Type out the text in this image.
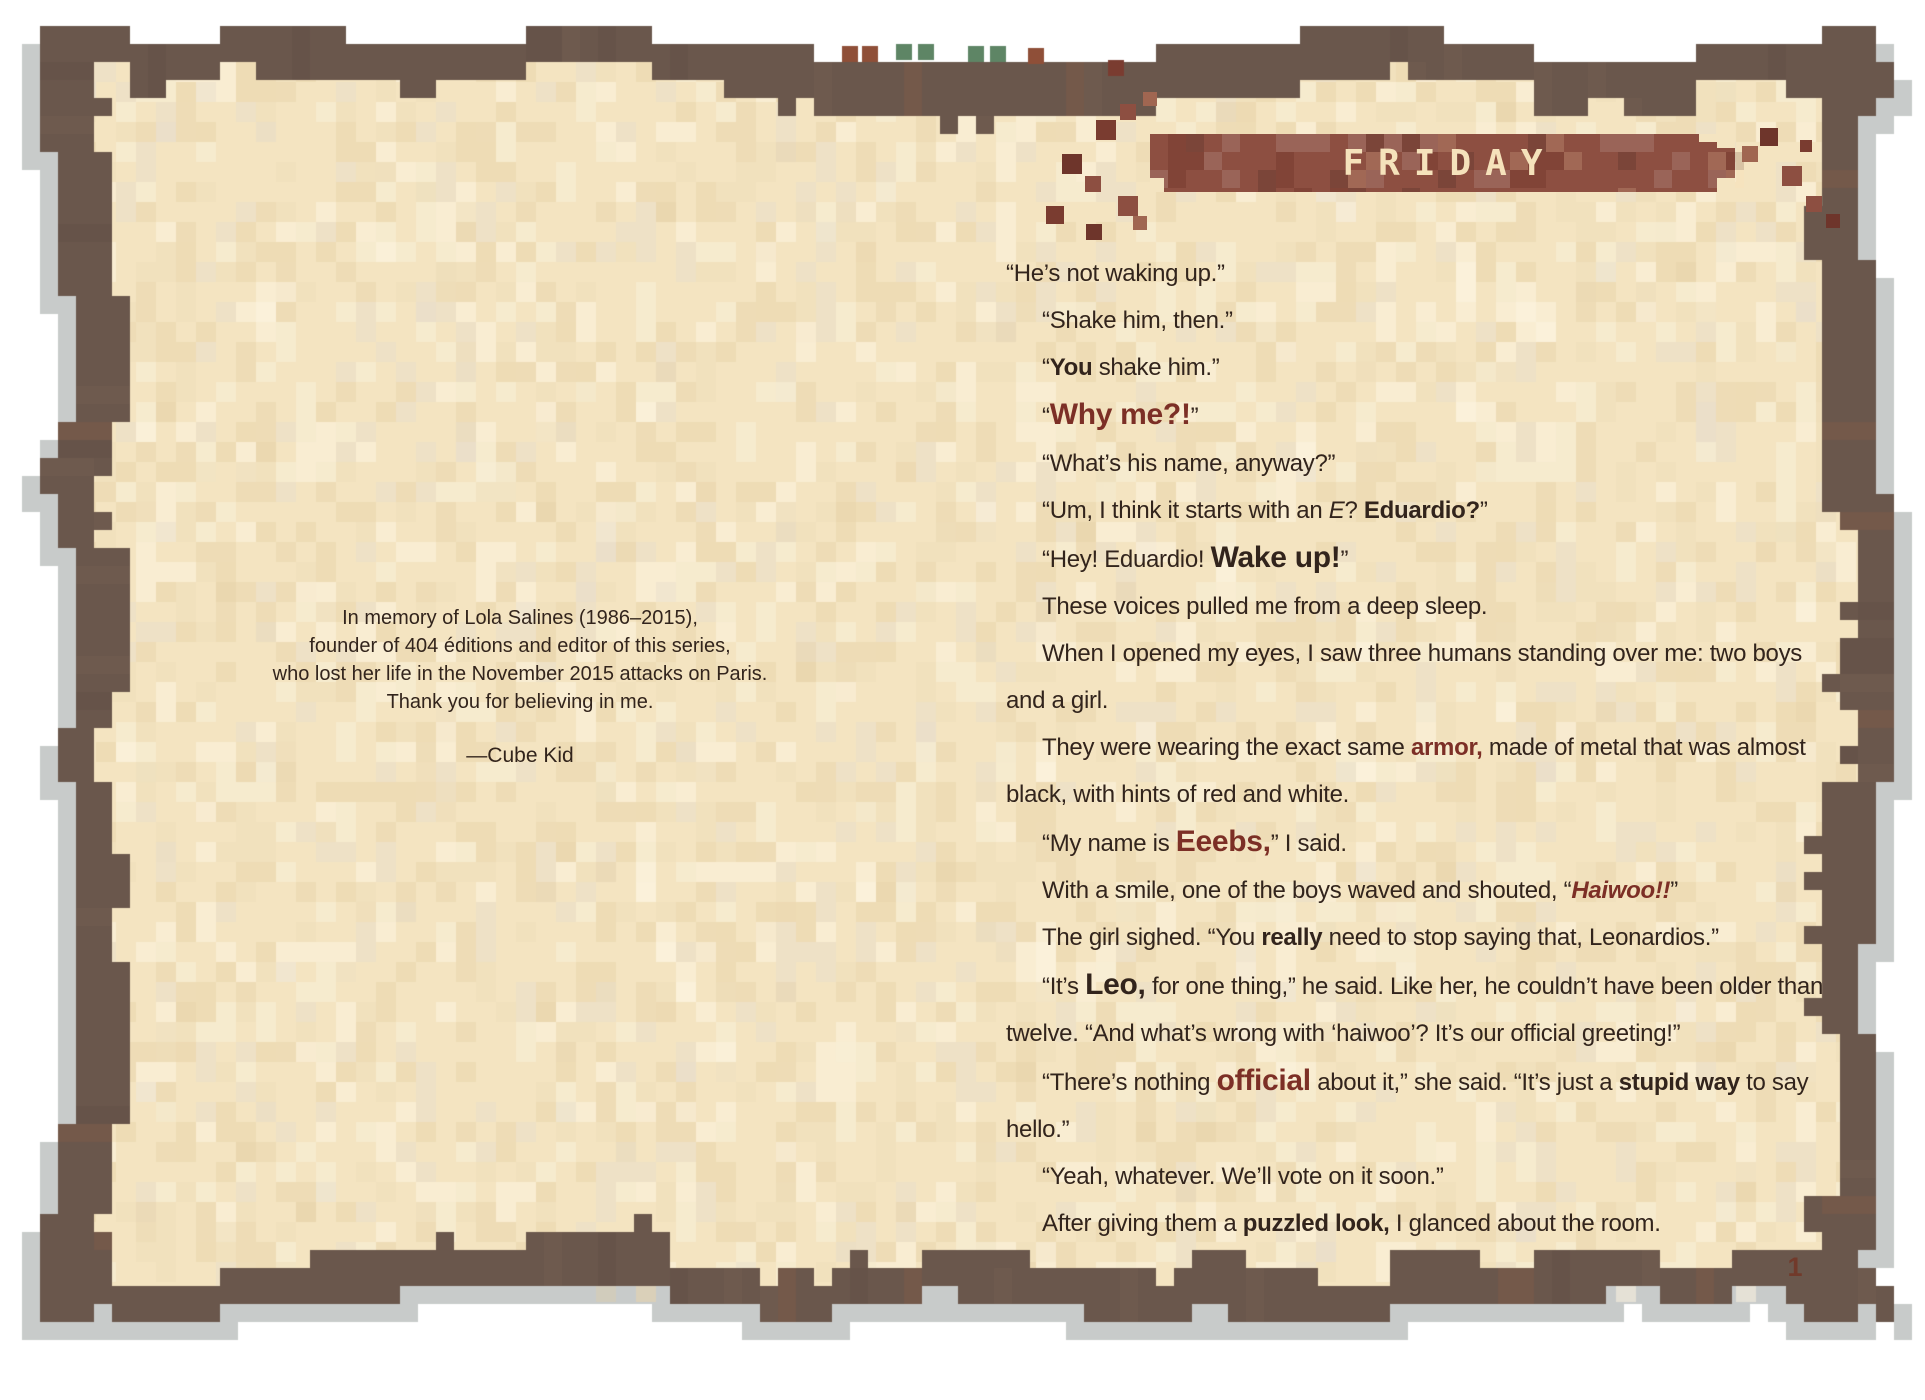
In memory of Lola Salines (1986–2015),
founder of 404 éditions and editor of this series,
who lost her life in the November 2015 attacks on Paris.
Thank you for believing in me.
—Cube Kid
FRIDAY

“He’s not waking up.”

“Shake him, then.”

“You shake him.”

“Why me?!”

“What’s his name, anyway?”

“Um, I think it starts with an E? Eduardio?”

“Hey! Eduardio! Wake up!”

These voices pulled me from a deep sleep.

When I opened my eyes, I saw three humans standing over me: two boys and a girl.

They were wearing the exact same armor, made of metal that was almost black, with hints of red and white.

“My name is Eeebs,” I said.

With a smile, one of the boys waved and shouted, “Haiwoo!!”

The girl sighed. “You really need to stop saying that, Leonardios.”

“It’s Leo, for one thing,” he said. Like her, he couldn’t have been older than twelve. “And what’s wrong with ‘haiwoo’? It’s our official greeting!”

“There’s nothing official about it,” she said. “It’s just a stupid way to say hello.”

“Yeah, whatever. We’ll vote on it soon.”

After giving them a puzzled look, I glanced about the room.

1
